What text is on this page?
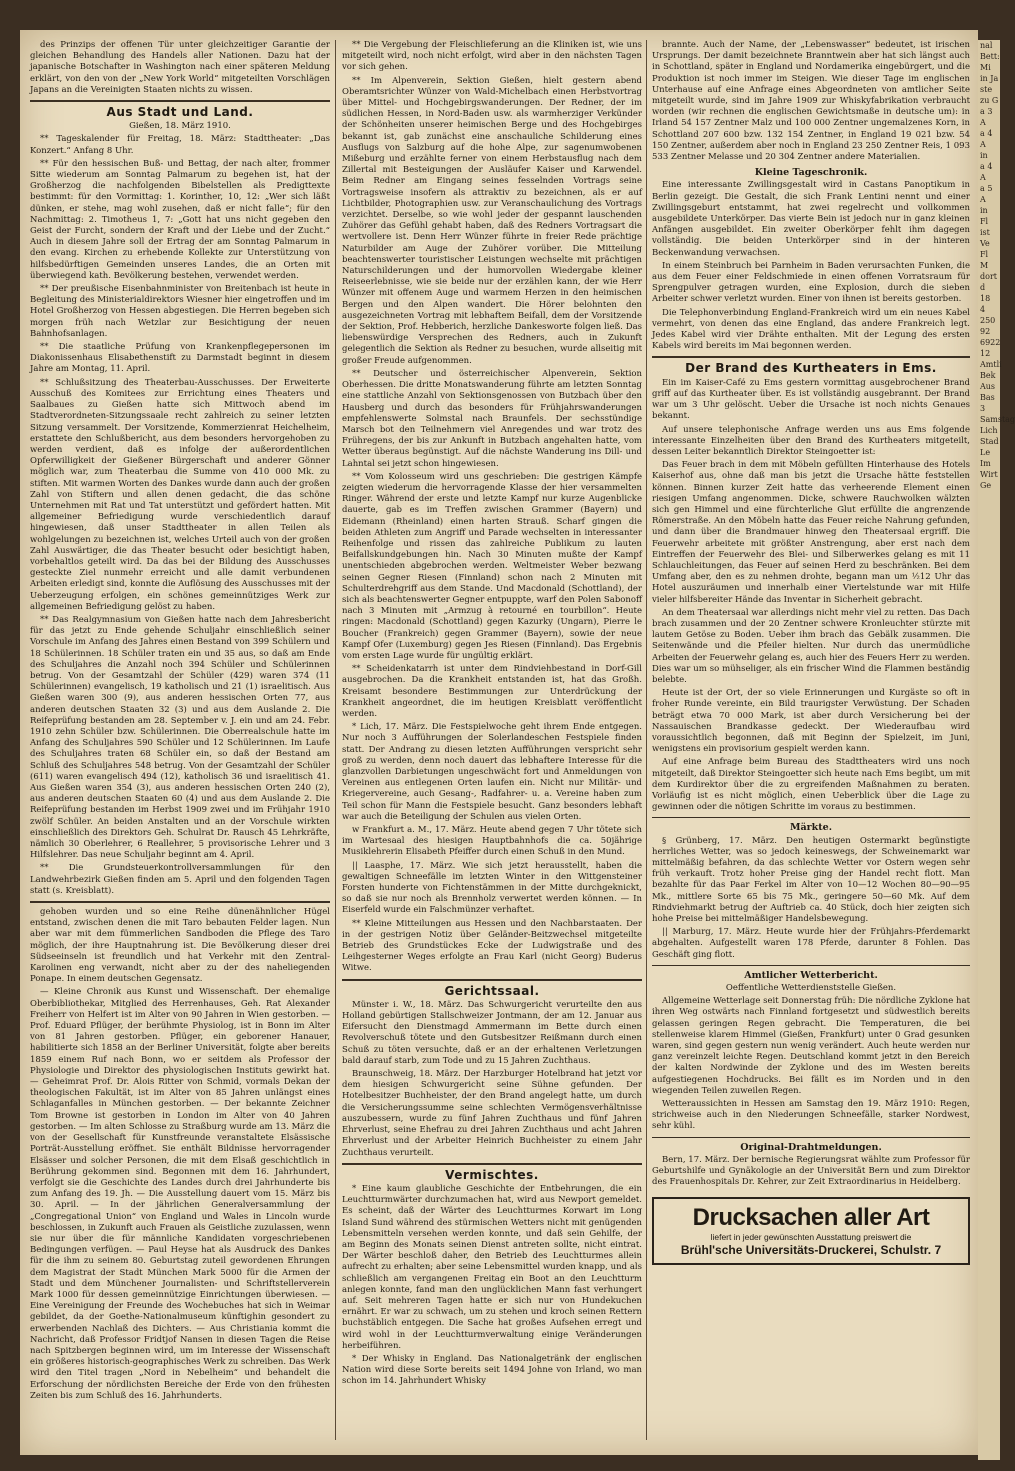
nal
Bett:
Mi
in Ja
ste
zu G
a 3 A
a 4 A
in
a 4 A
a 5 A
in
Fl
ist
Ve
Fl
M
dort d
18
4
250
92
6922
12
Amtli
Bek
Aus
Bas
3
Samstag
Lich
Stad
Le
Im Wirt
Ge

des Prinzips der offenen Tür unter gleichzeitiger Garantie der gleichen Behandlung des Handels aller Nationen. Dazu hat der japanische Botschafter in Washington nach einer späteren Meldung erklärt, von den von der „New York World“ mitgeteilten Vorschlägen Japans an die Vereinigten Staaten nichts zu wissen.

Aus Stadt und Land.

Gießen, 18. März 1910.

** Tageskalender für Freitag, 18. März: Stadttheater: „Das Konzert.“ Anfang 8 Uhr.

** Für den hessischen Buß- und Bettag, der nach alter, frommer Sitte wiederum am Sonntag Palmarum zu begehen ist, hat der Großherzog die nachfolgenden Bibelstellen als Predigttexte bestimmt: für den Vormittag: 1. Korinther, 10, 12: „Wer sich läßt dünken, er stehe, mag wohl zusehen, daß er nicht falle“; für den Nachmittag: 2. Timotheus 1, 7: „Gott hat uns nicht gegeben den Geist der Furcht, sondern der Kraft und der Liebe und der Zucht.“ Auch in diesem Jahre soll der Ertrag der am Sonntag Palmarum in den evang. Kirchen zu erhebende Kollekte zur Unterstützung von hilfsbedürftigen Gemeinden unseres Landes, die an Orten mit überwiegend kath. Bevölkerung bestehen, verwendet werden.

** Der preußische Eisenbahnminister von Breitenbach ist heute in Begleitung des Ministerialdirektors Wiesner hier eingetroffen und im Hotel Großherzog von Hessen abgestiegen. Die Herren begeben sich morgen früh nach Wetzlar zur Besichtigung der neuen Bahnhofsanlagen.

** Die staatliche Prüfung von Krankenpflegepersonen im Diakonissenhaus Elisabethenstift zu Darmstadt beginnt in diesem Jahre am Montag, 11. April.

** Schlußsitzung des Theaterbau-Ausschusses. Der Erweiterte Ausschuß des Komitees zur Errichtung eines Theaters und Saalbaues zu Gießen hatte sich Mittwoch abend im Stadtverordneten-Sitzungssaale recht zahlreich zu seiner letzten Sitzung versammelt. Der Vorsitzende, Kommerzienrat Heichelheim, erstattete den Schlußbericht, aus dem besonders hervorgehoben zu werden verdient, daß es infolge der außerordentlichen Opferwilligkeit der Gießener Bürgerschaft und anderer Gönner möglich war, zum Theaterbau die Summe von 410 000 Mk. zu stiften. Mit warmen Worten des Dankes wurde dann auch der großen Zahl von Stiftern und allen denen gedacht, die das schöne Unternehmen mit Rat und Tat unterstützt und gefördert hatten. Mit allgemeiner Befriedigung wurde verschiedentlich darauf hingewiesen, daß unser Stadttheater in allen Teilen als wohlgelungen zu bezeichnen ist, welches Urteil auch von der großen Zahl Auswärtiger, die das Theater besucht oder besichtigt haben, vorbehaltlos geteilt wird. Da das bei der Bildung des Ausschusses gesteckte Ziel nunmehr erreicht und alle damit verbundenen Arbeiten erledigt sind, konnte die Auflösung des Ausschusses mit der Ueberzeugung erfolgen, ein schönes gemeinnütziges Werk zur allgemeinen Befriedigung gelöst zu haben.

** Das Realgymnasium von Gießen hatte nach dem Jahresbericht für das jetzt zu Ende gehende Schuljahr einschließlich seiner Vorschule im Anfang des Jahres einen Bestand von 399 Schülern und 18 Schülerinnen. 18 Schüler traten ein und 35 aus, so daß am Ende des Schuljahres die Anzahl noch 394 Schüler und Schülerinnen betrug. Von der Gesamtzahl der Schüler (429) waren 374 (11 Schülerinnen) evangelisch, 19 katholisch und 21 (1) israelitisch. Aus Gießen waren 300 (9), aus anderen hessischen Orten 77, aus anderen deutschen Staaten 32 (3) und aus dem Auslande 2. Die Reifeprüfung bestanden am 28. September v. J. ein und am 24. Febr. 1910 zehn Schüler bzw. Schülerinnen. Die Oberrealschule hatte im Anfang des Schuljahres 590 Schüler und 12 Schülerinnen. Im Laufe des Schuljahres traten 68 Schüler ein, so daß der Bestand am Schluß des Schuljahres 548 betrug. Von der Gesamtzahl der Schüler (611) waren evangelisch 494 (12), katholisch 36 und israelitisch 41. Aus Gießen waren 354 (3), aus anderen hessischen Orten 240 (2), aus anderen deutschen Staaten 60 (4) und aus dem Auslande 2. Die Reifeprüfung bestanden im Herbst 1909 zwei und im Frühjahr 1910 zwölf Schüler. An beiden Anstalten und an der Vorschule wirkten einschließlich des Direktors Geh. Schulrat Dr. Rausch 45 Lehrkräfte, nämlich 30 Oberlehrer, 6 Reallehrer, 5 provisorische Lehrer und 3 Hilfslehrer. Das neue Schuljahr beginnt am 4. April.

** Die Grundsteuerkontrollversammlungen für den Landwehrbezirk Gießen finden am 5. April und den folgenden Tagen statt (s. Kreisblatt).

gehoben wurden und so eine Reihe dünenähnlicher Hügel entstand, zwischen denen die mit Taro bebauten Felder lagen. Nun aber war mit dem fümmerlichen Sandboden die Pflege des Taro möglich, der ihre Hauptnahrung ist. Die Bevölkerung dieser drei Südseeinseln ist freundlich und hat Verkehr mit den Zentral-Karolinen eng verwandt, nicht aber zu der des naheliegenden Ponape. In einem deutschen Gegensatz.

— Kleine Chronik aus Kunst und Wissenschaft. Der ehemalige Oberbibliothekar, Mitglied des Herrenhauses, Geh. Rat Alexander Freiherr von Helfert ist im Alter von 90 Jahren in Wien gestorben. — Prof. Eduard Pflüger, der berühmte Physiolog, ist in Bonn im Alter von 81 Jahren gestorben. Pflüger, ein geborener Hanauer, habilitierte sich 1858 an der Berliner Universität, folgte aber bereits 1859 einem Ruf nach Bonn, wo er seitdem als Professor der Physiologie und Direktor des physiologischen Instituts gewirkt hat. — Geheimrat Prof. Dr. Alois Ritter von Schmid, vormals Dekan der theologischen Fakultät, ist im Alter von 85 Jahren unlängst eines Schlaganfalles in München gestorben. — Der bekannte Zeichner Tom Browne ist gestorben in London im Alter von 40 Jahren gestorben. — Im alten Schlosse zu Straßburg wurde am 13. März die von der Gesellschaft für Kunstfreunde veranstaltete Elsässische Porträt-Ausstellung eröffnet. Sie enthält Bildnisse hervorragender Elsässer und solcher Personen, die mit dem Elsaß geschichtlich in Berührung gekommen sind. Begonnen mit dem 16. Jahrhundert, verfolgt sie die Geschichte des Landes durch drei Jahrhunderte bis zum Anfang des 19. Jh. — Die Ausstellung dauert vom 15. März bis 30. April. — In der jährlichen Generalversammlung der „Congregational Union“ von England und Wales in Lincoln wurde beschlossen, in Zukunft auch Frauen als Geistliche zuzulassen, wenn sie nur über die für männliche Kandidaten vorgeschriebenen Bedingungen verfügen. — Paul Heyse hat als Ausdruck des Dankes für die ihm zu seinem 80. Geburtstag zuteil gewordenen Ehrungen dem Magistrat der Stadt München Mark 5000 für die Armen der Stadt und dem Münchener Journalisten- und Schriftstellerverein Mark 1000 für dessen gemeinnützige Einrichtungen überwiesen. — Eine Vereinigung der Freunde des Wochebuches hat sich in Weimar gebildet, da der Goethe-Nationalmuseum künftighin gesondert zu erwerbenden Nachlaß des Dichters. — Aus Christiania kommt die Nachricht, daß Professor Fridtjof Nansen in diesen Tagen die Reise nach Spitzbergen beginnen wird, um im Interesse der Wissenschaft ein größeres historisch-geographisches Werk zu schreiben. Das Werk wird den Titel tragen „Nord in Nebelheim“ und behandelt die Erforschung der nördlichsten Bereiche der Erde von den frühesten Zeiten bis zum Schluß des 16. Jahrhunderts.

** Die Vergebung der Fleischlieferung an die Kliniken ist, wie uns mitgeteilt wird, noch nicht erfolgt, wird aber in den nächsten Tagen vor sich gehen.

** Im Alpenverein, Sektion Gießen, hielt gestern abend Oberamtsrichter Wünzer von Wald-Michelbach einen Herbstvortrag über Mittel- und Hochgebirgswanderungen. Der Redner, der im südlichen Hessen, in Nord-Baden usw. als warmherziger Verkünder der Schönheiten unserer heimischen Berge und des Hochgebirges bekannt ist, gab zunächst eine anschauliche Schilderung eines Ausflugs von Salzburg auf die hohe Alpe, zur sagenumwobenen Mißeburg und erzählte ferner von einem Herbstausflug nach dem Zillertal mit Besteigungen der Ausläufer Kaiser und Karwendel. Beim Redner am Eingang seines fesselnden Vortrags seine Vortragsweise insofern als attraktiv zu bezeichnen, als er auf Lichtbilder, Photographien usw. zur Veranschaulichung des Vortrags verzichtet. Derselbe, so wie wohl jeder der gespannt lauschenden Zuhörer das Gefühl gehabt haben, daß des Redners Vortragsart die wertvollere ist. Denn Herr Wünzer führte in freier Rede prächtige Naturbilder am Auge der Zuhörer vorüber. Die Mitteilung beachtenswerter touristischer Leistungen wechselte mit prächtigen Naturschilderungen und der humorvollen Wiedergabe kleiner Reiseerlebnisse, wie sie beide nur der erzählen kann, der wie Herr Wünzer mit offenem Auge und warmem Herzen in den heimischen Bergen und den Alpen wandert. Die Hörer belohnten den ausgezeichneten Vortrag mit lebhaftem Beifall, dem der Vorsitzende der Sektion, Prof. Hebberich, herzliche Dankesworte folgen ließ. Das liebenswürdige Versprechen des Redners, auch in Zukunft gelegentlich die Sektion als Redner zu besuchen, wurde allseitig mit großer Freude aufgenommen.

** Deutscher und österreichischer Alpenverein, Sektion Oberhessen. Die dritte Monatswanderung führte am letzten Sonntag eine stattliche Anzahl von Sektionsgenossen von Butzbach über den Hausberg und durch das besonders für Frühjahrswanderungen empfehlenswerte Solmstal nach Braunfels. Der sechsstündige Marsch bot den Teilnehmern viel Anregendes und war trotz des Frühregens, der bis zur Ankunft in Butzbach angehalten hatte, vom Wetter überaus begünstigt. Auf die nächste Wanderung ins Dill- und Lahntal sei jetzt schon hingewiesen.

** Vom Kolosseum wird uns geschrieben: Die gestrigen Kämpfe zeigten wiederum die hervorragende Klasse der hier versammelten Ringer. Während der erste und letzte Kampf nur kurze Augenblicke dauerte, gab es im Treffen zwischen Grammer (Bayern) und Eidemann (Rheinland) einen harten Strauß. Scharf gingen die beiden Athleten zum Angriff und Parade wechselten in interessanter Reihenfolge und rissen das zahlreiche Publikum zu lauten Beifallskundgebungen hin. Nach 30 Minuten mußte der Kampf unentschieden abgebrochen werden. Weltmeister Weber bezwang seinen Gegner Riesen (Finnland) schon nach 2 Minuten mit Schulterdrehgriff aus dem Stande. Und Macdonald (Schottland), der sich als beachtenswerter Gegner entpuppte, warf den Polen Sabonoff nach 3 Minuten mit „Armzug à retourné en tourbillon“. Heute ringen: Macdonald (Schottland) gegen Kazurky (Ungarn), Pierre le Boucher (Frankreich) gegen Grammer (Bayern), sowie der neue Kampf Ofer (Luxemburg) gegen Jes Riesen (Finnland). Das Ergebnis vom ersten Lage wurde für ungültig erklärt.

** Scheidenkatarrh ist unter dem Rindviehbestand in Dorf-Gill ausgebrochen. Da die Krankheit entstanden ist, hat das Großh. Kreisamt besondere Bestimmungen zur Unterdrückung der Krankheit angeordnet, die im heutigen Kreisblatt veröffentlicht werden.

* Lich, 17. März. Die Festspielwoche geht ihrem Ende entgegen. Nur noch 3 Aufführungen der Solerlandeschen Festspiele finden statt. Der Andrang zu diesen letzten Aufführungen verspricht sehr groß zu werden, denn noch dauert das lebhaftere Interesse für die glanzvollen Darbietungen ungeschwächt fort und Anmeldungen von Vereinen aus entlegenen Orten laufen ein. Nicht nur Militär- und Kriegervereine, auch Gesang-, Radfahrer- u. a. Vereine haben zum Teil schon für Mann die Festspiele besucht. Ganz besonders lebhaft war auch die Beteiligung der Schulen aus vielen Orten.

w Frankfurt a. M., 17. März. Heute abend gegen 7 Uhr tötete sich im Wartesaal des hiesigen Hauptbahnhofs die ca. 50jährige Musiklehrerin Elisabeth Pfeiffer durch einen Schuß in den Mund.

|| Laasphe, 17. März. Wie sich jetzt herausstellt, haben die gewaltigen Schneefälle im letzten Winter in den Wittgensteiner Forsten hunderte von Fichtenstämmen in der Mitte durchgeknickt, so daß sie nur noch als Brennholz verwertet werden können. — In Eiserfeld wurde ein Falschmünzer verhaftet.

** Kleine Mitteilungen aus Hessen und den Nachbarstaaten. Der in der gestrigen Notiz über Geländer-Beitzwechsel mitgeteilte Betrieb des Grundstückes Ecke der Ludwigstraße und des Leihgesterner Weges erfolgte an Frau Karl (nicht Georg) Buderus Witwe.

Gerichtssaal.

Münster i. W., 18. März. Das Schwurgericht verurteilte den aus Holland gebürtigen Stallschweizer Jontmann, der am 12. Januar aus Eifersucht den Dienstmagd Ammermann im Bette durch einen Revolverschuß tötete und den Gutsbesitzer Reißmann durch einen Schuß zu töten versuchte, daß er an der erhaltenen Verletzungen bald darauf starb, zum Tode und zu 15 Jahren Zuchthaus.

Braunschweig, 18. März. Der Harzburger Hotelbrand hat jetzt vor dem hiesigen Schwurgericht seine Sühne gefunden. Der Hotelbesitzer Buchheister, der den Brand angelegt hatte, um durch die Versicherungssumme seine schlechten Vermögensverhältnisse auszubessern, wurde zu fünf Jahren Zuchthaus und fünf Jahren Ehrverlust, seine Ehefrau zu drei Jahren Zuchthaus und acht Jahren Ehrverlust und der Arbeiter Heinrich Buchheister zu einem Jahr Zuchthaus verurteilt.

Vermischtes.

* Eine kaum glaubliche Geschichte der Entbehrungen, die ein Leuchtturmwärter durchzumachen hat, wird aus Newport gemeldet. Es scheint, daß der Wärter des Leuchtturmes Korwart im Long Island Sund während des stürmischen Wetters nicht mit genügenden Lebensmitteln versehen werden konnte, und daß sein Gehilfe, der am Beginn des Monats seinen Dienst antreten sollte, nicht eintrat. Der Wärter beschloß daher, den Betrieb des Leuchtturmes allein aufrecht zu erhalten; aber seine Lebensmittel wurden knapp, und als schließlich am vergangenen Freitag ein Boot an den Leuchtturm anlegen konnte, fand man den unglücklichen Mann fast verhungert auf. Seit mehreren Tagen hatte er sich nur von Hundekuchen ernährt. Er war zu schwach, um zu stehen und kroch seinen Rettern buchstäblich entgegen. Die Sache hat großes Aufsehen erregt und wird wohl in der Leuchtturmverwaltung einige Veränderungen herbeiführen.

* Der Whisky in England. Das Nationalgetränk der englischen Nation wird diese Sorte bereits seit 1494 Johne von Irland, wo man schon im 14. Jahrhundert Whisky

brannte. Auch der Name, der „Lebenswasser“ bedeutet, ist irischen Ursprungs. Der damit bezeichnete Branntwein aber hat sich längst auch in Schottland, später in England und Nordamerika eingebürgert, und die Produktion ist noch immer im Steigen. Wie dieser Tage im englischen Unterhause auf eine Anfrage eines Abgeordneten von amtlicher Seite mitgeteilt wurde, sind im Jahre 1909 zur Whiskyfabrikation verbraucht worden (wir rechnen die englischen Gewichtsmaße in deutsche um): in Irland 54 157 Zentner Malz und 100 000 Zentner ungemalzenes Korn, in Schottland 207 600 bzw. 132 154 Zentner, in England 19 021 bzw. 54 150 Zentner, außerdem aber noch in England 23 250 Zentner Reis, 1 093 533 Zentner Melasse und 20 304 Zentner andere Materialien.

Kleine Tageschronik.

Eine interessante Zwillingsgestalt wird in Castans Panoptikum in Berlin gezeigt. Die Gestalt, die sich Frank Lentini nennt und einer Zwillingsgeburt entstammt, hat zwei regelrecht und vollkommen ausgebildete Unterkörper. Das vierte Bein ist jedoch nur in ganz kleinen Anfängen ausgebildet. Ein zweiter Oberkörper fehlt ihm dagegen vollständig. Die beiden Unterkörper sind in der hinteren Beckenwandung verwachsen.

In einem Steinbruch bei Parnheim in Baden verursachten Funken, die aus dem Feuer einer Feldschmiede in einen offenen Vorratsraum für Sprengpulver getragen wurden, eine Explosion, durch die sieben Arbeiter schwer verletzt wurden. Einer von ihnen ist bereits gestorben.

Die Telephonverbindung England-Frankreich wird um ein neues Kabel vermehrt, von denen das eine England, das andere Frankreich legt. Jedes Kabel wird vier Drähte enthalten. Mit der Legung des ersten Kabels wird bereits im Mai begonnen werden.

Der Brand des Kurtheaters in Ems.

Ein im Kaiser-Café zu Ems gestern vormittag ausgebrochener Brand griff auf das Kurtheater über. Es ist vollständig ausgebrannt. Der Brand war um 3 Uhr gelöscht. Ueber die Ursache ist noch nichts Genaues bekannt.

Auf unsere telephonische Anfrage werden uns aus Ems folgende interessante Einzelheiten über den Brand des Kurtheaters mitgeteilt, dessen Leiter bekanntlich Direktor Steingoetter ist:

Das Feuer brach in dem mit Möbeln gefüllten Hinterhause des Hotels Kaiserhof aus, ohne daß man bis jetzt die Ursache hätte feststellen können. Binnen kurzer Zeit hatte das verheerende Element einen riesigen Umfang angenommen. Dicke, schwere Rauchwolken wälzten sich gen Himmel und eine fürchterliche Glut erfüllte die angrenzende Römerstraße. An den Möbeln hatte das Feuer reiche Nahrung gefunden, und dann über die Brandmauer hinweg den Theatersaal ergriff. Die Feuerwehr arbeitete mit größter Anstrengung, aber erst nach dem Eintreffen der Feuerwehr des Blei- und Silberwerkes gelang es mit 11 Schlauchleitungen, das Feuer auf seinen Herd zu beschränken. Bei dem Umfang aber, den es zu nehmen drohte, begann man um ½12 Uhr das Hotel auszuräumen und innerhalb einer Viertelstunde war mit Hilfe vieler hilfsbereiter Hände das Inventar in Sicherheit gebracht.

An dem Theatersaal war allerdings nicht mehr viel zu retten. Das Dach brach zusammen und der 20 Zentner schwere Kronleuchter stürzte mit lautem Getöse zu Boden. Ueber ihm brach das Gebälk zusammen. Die Seitenwände und die Pfeiler hielten. Nur durch das unermüdliche Arbeiten der Feuerwehr gelang es, auch hier des Feuers Herr zu werden. Dies war um so mühseliger, als ein frischer Wind die Flammen beständig belebte.

Heute ist der Ort, der so viele Erinnerungen und Kurgäste so oft in froher Runde vereinte, ein Bild traurigster Verwüstung. Der Schaden beträgt etwa 70 000 Mark, ist aber durch Versicherung bei der Nassauischen Brandkasse gedeckt. Der Wiederaufbau wird voraussichtlich begonnen, daß mit Beginn der Spielzeit, im Juni, wenigstens ein provisorium gespielt werden kann.

Auf eine Anfrage beim Bureau des Stadttheaters wird uns noch mitgeteilt, daß Direktor Steingoetter sich heute nach Ems begibt, um mit dem Kurdirektor über die zu ergreifenden Maßnahmen zu beraten. Vorläufig ist es nicht möglich, einen Ueberblick über die Lage zu gewinnen oder die nötigen Schritte im voraus zu bestimmen.

Märkte.

§ Grünberg, 17. März. Den heutigen Ostermarkt begünstigte herrliches Wetter, was so jedoch keineswegs, der Schweinemarkt war mittelmäßig befahren, da das schlechte Wetter vor Ostern wegen sehr früh verkauft. Trotz hoher Preise ging der Handel recht flott. Man bezahlte für das Paar Ferkel im Alter von 10—12 Wochen 80—90—95 Mk., mittlere Sorte 65 bis 75 Mk., geringere 50—60 Mk. Auf dem Rindviehmarkt betrug der Auftrieb ca. 40 Stück, doch hier zeigten sich hohe Preise bei mittelmäßiger Handelsbewegung.

|| Marburg, 17. März. Heute wurde hier der Frühjahrs-Pferdemarkt abgehalten. Aufgestellt waren 178 Pferde, darunter 8 Fohlen. Das Geschäft ging flott.

Amtlicher Wetterbericht.

Oeffentliche Wetterdienststelle Gießen.

Allgemeine Wetterlage seit Donnerstag früh: Die nördliche Zyklone hat ihren Weg ostwärts nach Finnland fortgesetzt und südwestlich bereits gelassen geringen Regen gebracht. Die Temperaturen, die bei stellenweise klarem Himmel (Gießen, Frankfurt) unter 0 Grad gesunken waren, sind gegen gestern nun wenig verändert. Auch heute werden nur ganz vereinzelt leichte Regen. Deutschland kommt jetzt in den Bereich der kalten Nordwinde der Zyklone und des im Westen bereits aufgestiegenen Hochdrucks. Bei fällt es im Norden und in den wiegenden Teilen zuweilen Regen.

Wetteraussichten in Hessen am Samstag den 19. März 1910: Regen, strichweise auch in den Niederungen Schneefälle, starker Nordwest, sehr kühl.

Original-Drahtmeldungen.

Bern, 17. März. Der bernische Regierungsrat wählte zum Professor für Geburtshilfe und Gynäkologie an der Universität Bern und zum Direktor des Frauenhospitals Dr. Kehrer, zur Zeit Extraordinarius in Heidelberg.

Drucksachen aller Art
liefert in jeder gewünschten Ausstattung preiswert die
Brühl'sche Universitäts-Druckerei, Schulstr. 7
